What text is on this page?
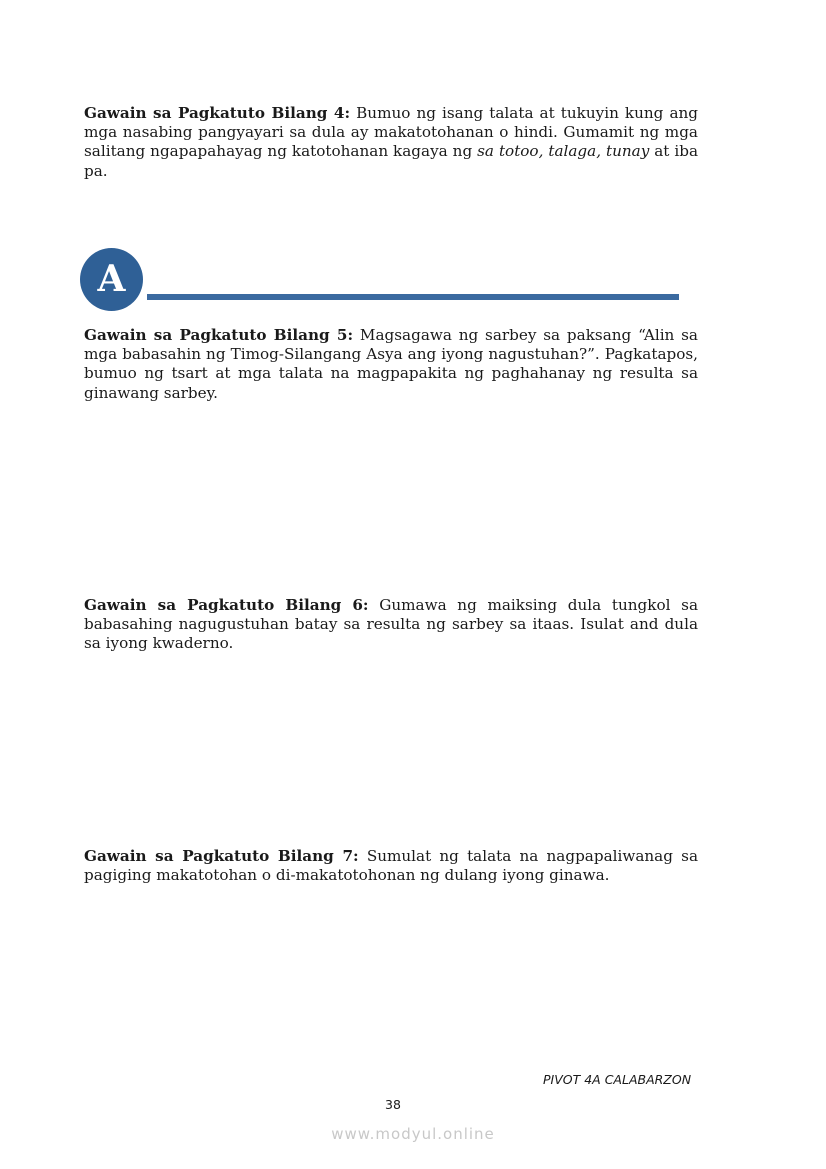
Gawain sa Pagkatuto Bilang 4: Bumuo ng isang talata at tukuyin kung ang mga nasabing pangyayari sa dula ay makatotohanan o hindi. Gumamit ng mga salitang ngapapahayag ng katotohanan kagaya ng sa totoo, talaga, tunay at iba pa.

A

Gawain sa Pagkatuto Bilang 5: Magsagawa ng sarbey sa paksang “Alin sa mga babasahin ng Timog-Silangang Asya ang iyong nagustuhan?”. Pagkatapos, bumuo ng tsart at mga talata na magpapakita ng paghahanay ng resulta sa ginawang sarbey.

Gawain sa Pagkatuto Bilang 6: Gumawa ng maiksing dula tungkol sa babasahing nagugustuhan batay sa resulta ng sarbey sa itaas. Isulat and dula sa iyong kwaderno.

Gawain sa Pagkatuto Bilang 7: Sumulat ng talata na nagpapaliwanag sa pagiging makatotohan o di-makatotohonan ng dulang iyong ginawa.

PIVOT 4A CALABARZON
38
www.modyul.online
